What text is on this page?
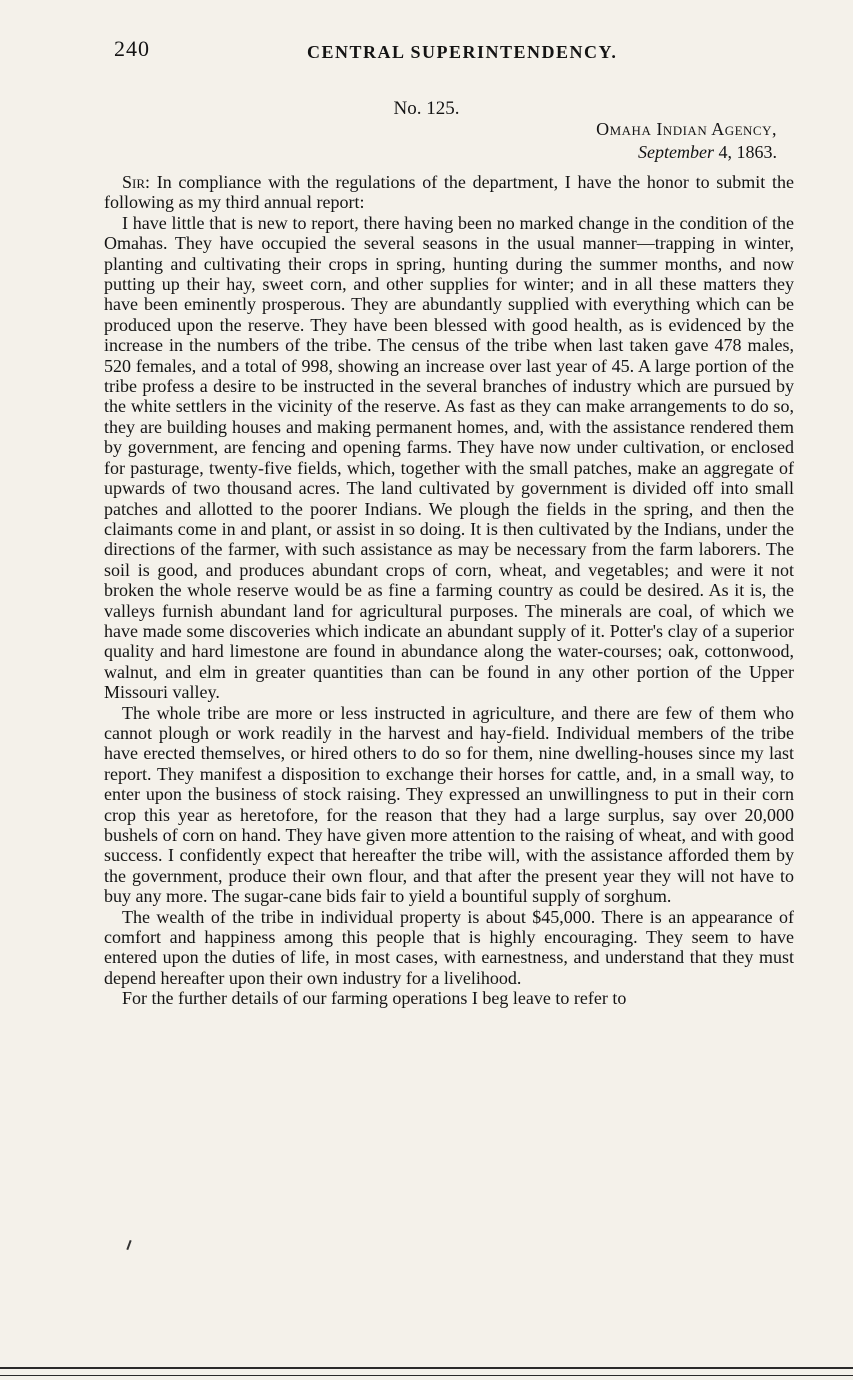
240	CENTRAL SUPERINTENDENCY.
No. 125.
Omaha Indian Agency,
September 4, 1863.

Sir: In compliance with the regulations of the department, I have the honor to submit the following as my third annual report:

I have little that is new to report, there having been no marked change in the condition of the Omahas. They have occupied the several seasons in the usual manner—trapping in winter, planting and cultivating their crops in spring, hunting during the summer months, and now putting up their hay, sweet corn, and other supplies for winter; and in all these matters they have been eminently prosperous. They are abundantly supplied with everything which can be produced upon the reserve. They have been blessed with good health, as is evidenced by the increase in the numbers of the tribe. The census of the tribe when last taken gave 478 males, 520 females, and a total of 998, showing an increase over last year of 45. A large portion of the tribe profess a desire to be instructed in the several branches of industry which are pursued by the white settlers in the vicinity of the reserve. As fast as they can make arrangements to do so, they are building houses and making permanent homes, and, with the assistance rendered them by government, are fencing and opening farms. They have now under cultivation, or enclosed for pasturage, twenty-five fields, which, together with the small patches, make an aggregate of upwards of two thousand acres. The land cultivated by government is divided off into small patches and allotted to the poorer Indians. We plough the fields in the spring, and then the claimants come in and plant, or assist in so doing. It is then cultivated by the Indians, under the directions of the farmer, with such assistance as may be necessary from the farm laborers. The soil is good, and produces abundant crops of corn, wheat, and vegetables; and were it not broken the whole reserve would be as fine a farming country as could be desired. As it is, the valleys furnish abundant land for agricultural purposes. The minerals are coal, of which we have made some discoveries which indicate an abundant supply of it. Potter's clay of a superior quality and hard limestone are found in abundance along the water-courses; oak, cottonwood, walnut, and elm in greater quantities than can be found in any other portion of the Upper Missouri valley.

The whole tribe are more or less instructed in agriculture, and there are few of them who cannot plough or work readily in the harvest and hay-field. Individual members of the tribe have erected themselves, or hired others to do so for them, nine dwelling-houses since my last report. They manifest a disposition to exchange their horses for cattle, and, in a small way, to enter upon the business of stock raising. They expressed an unwillingness to put in their corn crop this year as heretofore, for the reason that they had a large surplus, say over 20,000 bushels of corn on hand. They have given more attention to the raising of wheat, and with good success. I confidently expect that hereafter the tribe will, with the assistance afforded them by the government, produce their own flour, and that after the present year they will not have to buy any more. The sugar-cane bids fair to yield a bountiful supply of sorghum.

The wealth of the tribe in individual property is about $45,000. There is an appearance of comfort and happiness among this people that is highly encouraging. They seem to have entered upon the duties of life, in most cases, with earnestness, and understand that they must depend hereafter upon their own industry for a livelihood.

For the further details of our farming operations I beg leave to refer to
